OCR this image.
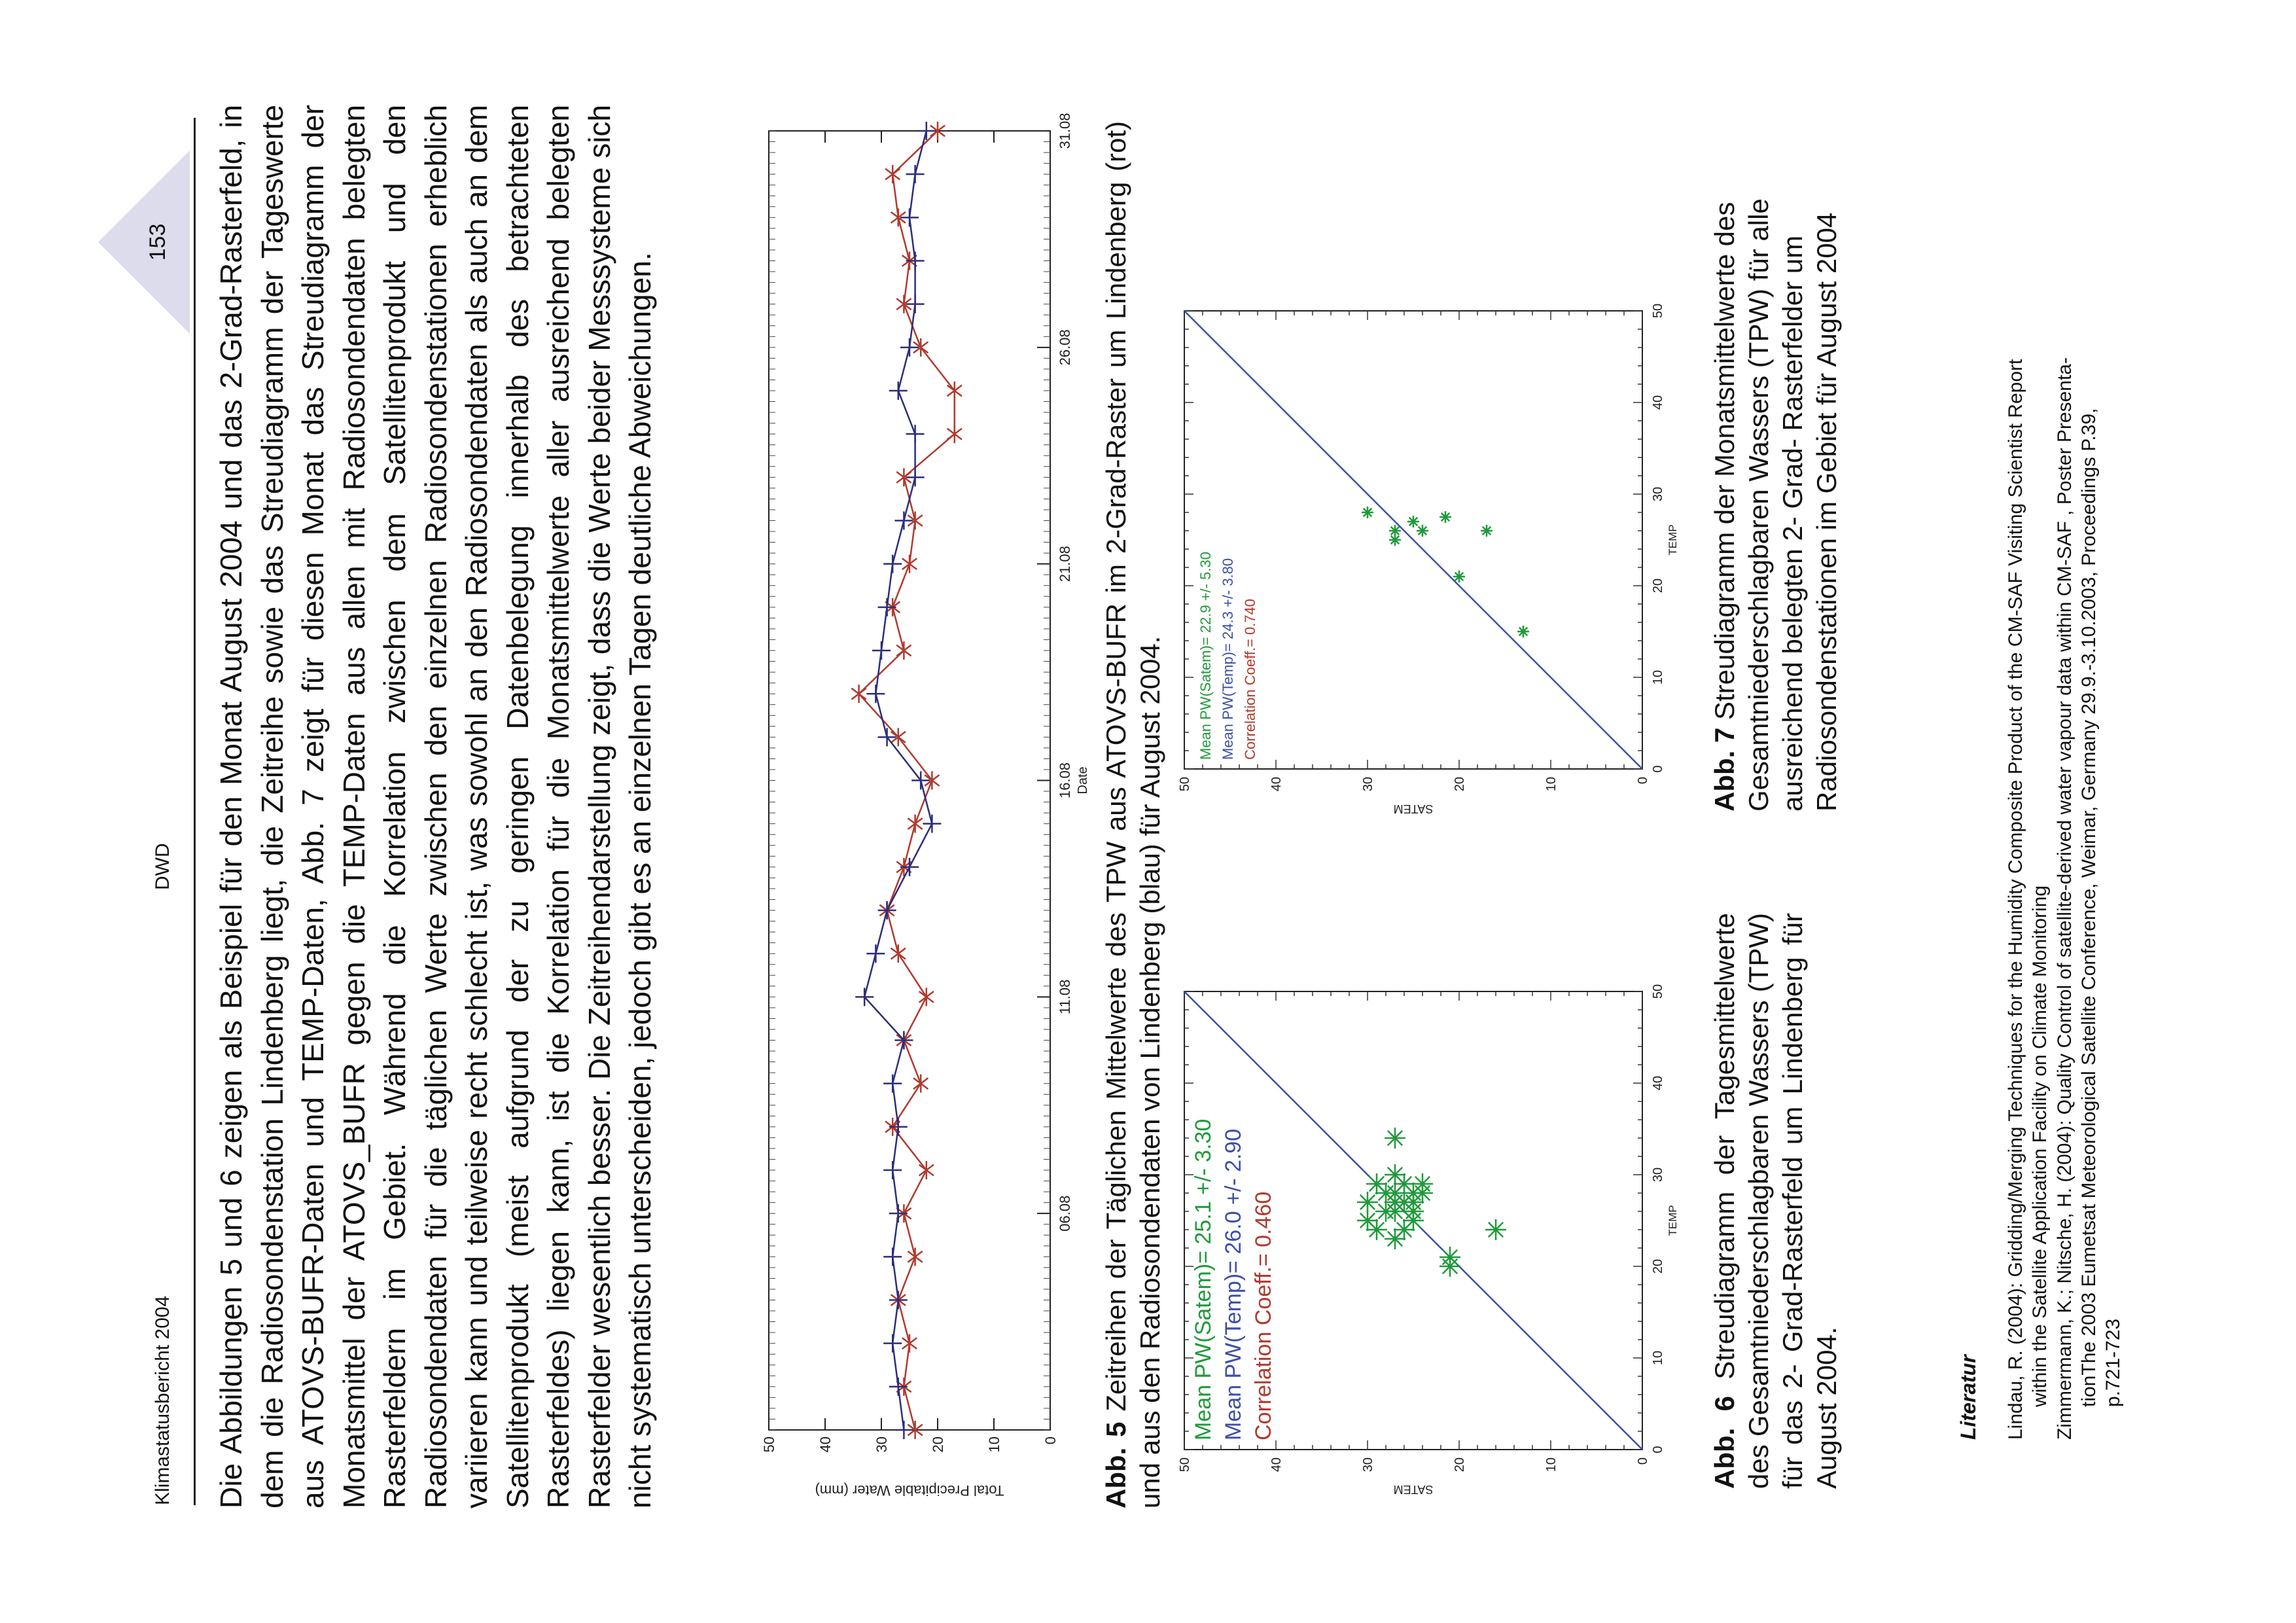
Klimastatusbericht 2004
DWD
153 Die Abbildungen 5 und 6 zeigen als Beispiel für den Monat August 2004 und das 2-Grad-Rasterfeld, in dem die Radiosondenstation Lindenberg liegt, die Zeitreihe sowie das Streudiagramm der Tageswerte aus ATOVS-BUFR-Daten und TEMP-Daten, Abb. 7 zeigt für diesen Monat das Streudiagramm der Monatsmittel der ATOVS_BUFR gegen die TEMP-Daten aus allen mit Radiosondendaten belegten Rasterfeldern im Gebiet. Während die Korrelation zwischen dem Satellitenprodukt und den Radiosondendaten für die täglichen Werte zwischen den einzelnen Radiosondenstationen erheblich variieren kann und teilweise recht schlecht ist, was sowohl an den Radiosondendaten als auch an dem Satellitenprodukt (meist aufgrund der zu geringen Datenbelegung innerhalb des betrachteten Rasterfeldes) liegen kann, ist die Korrelation für die Monatsmittelwerte aller ausreichend belegten Rasterfelder wesentlich besser. Die Zeitreihendarstellung zeigt, dass die Werte beider Messsysteme sich nicht systematisch unterscheiden, jedoch gibt es an einzelnen Tagen deutliche Abweichungen.	0
10
20
30
40
50
06.08
11.08
16.08
21.08
26.08
31.08
Date
Total Precipitable Water (mm)	Abb. 5 Zeitreihen der Täglichen Mittelwerte des TPW aus ATOVS-BUFR im 2-Grad-Raster um Lindenberg (rot) und aus den Radiosondendaten von Lindenberg (blau) für August 2004.	0
10
20
30
40
50
0
10
20
30
40
50
TEMP
SATEM
Mean PW(Satem)= 25.1 +/- 3.30 Mean PW(Temp)= 26.0 +/- 2.90 Correlation Coeff.= 0.460
0
10
20
30
40
50
0
10
20
30
40
50
TEMP
SATEM
Mean PW(Satem)= 22.9 +/- 5.30 Mean PW(Temp)= 24.3 +/- 3.80 Correlation Coeff.= 0.740
Abb. 6 Streudiagramm der Tagesmittelwerte des Gesamtniederschlagbaren Wassers (TPW) für das 2- Grad-Rasterfeld um Lindenberg für August 2004.
Abb. 7 Streudiagramm der Monatsmittelwerte des Gesamtniederschlagbaren Wassers (TPW) für alle ausreichend belegten 2- Grad- Rasterfelder um Radiosondenstationen im Gebiet für August 2004
Literatur Lindau, R. (2004): Gridding/Merging Techniques for the Humidity Composite Product of the CM-SAF Visiting Scientist Report within the Satellite Application Facility on Climate Monitoring Zimmermann, K.; Nitsche, H. (2004): Quality Control of satellite-derived water vapour data within CM-SAF , Poster Presenta- tionThe 2003 Eumetsat Meteorological Satellite Conference, Weimar, Germany 29.9.-3.10.2003, Proceedings P.39, p.721-723
